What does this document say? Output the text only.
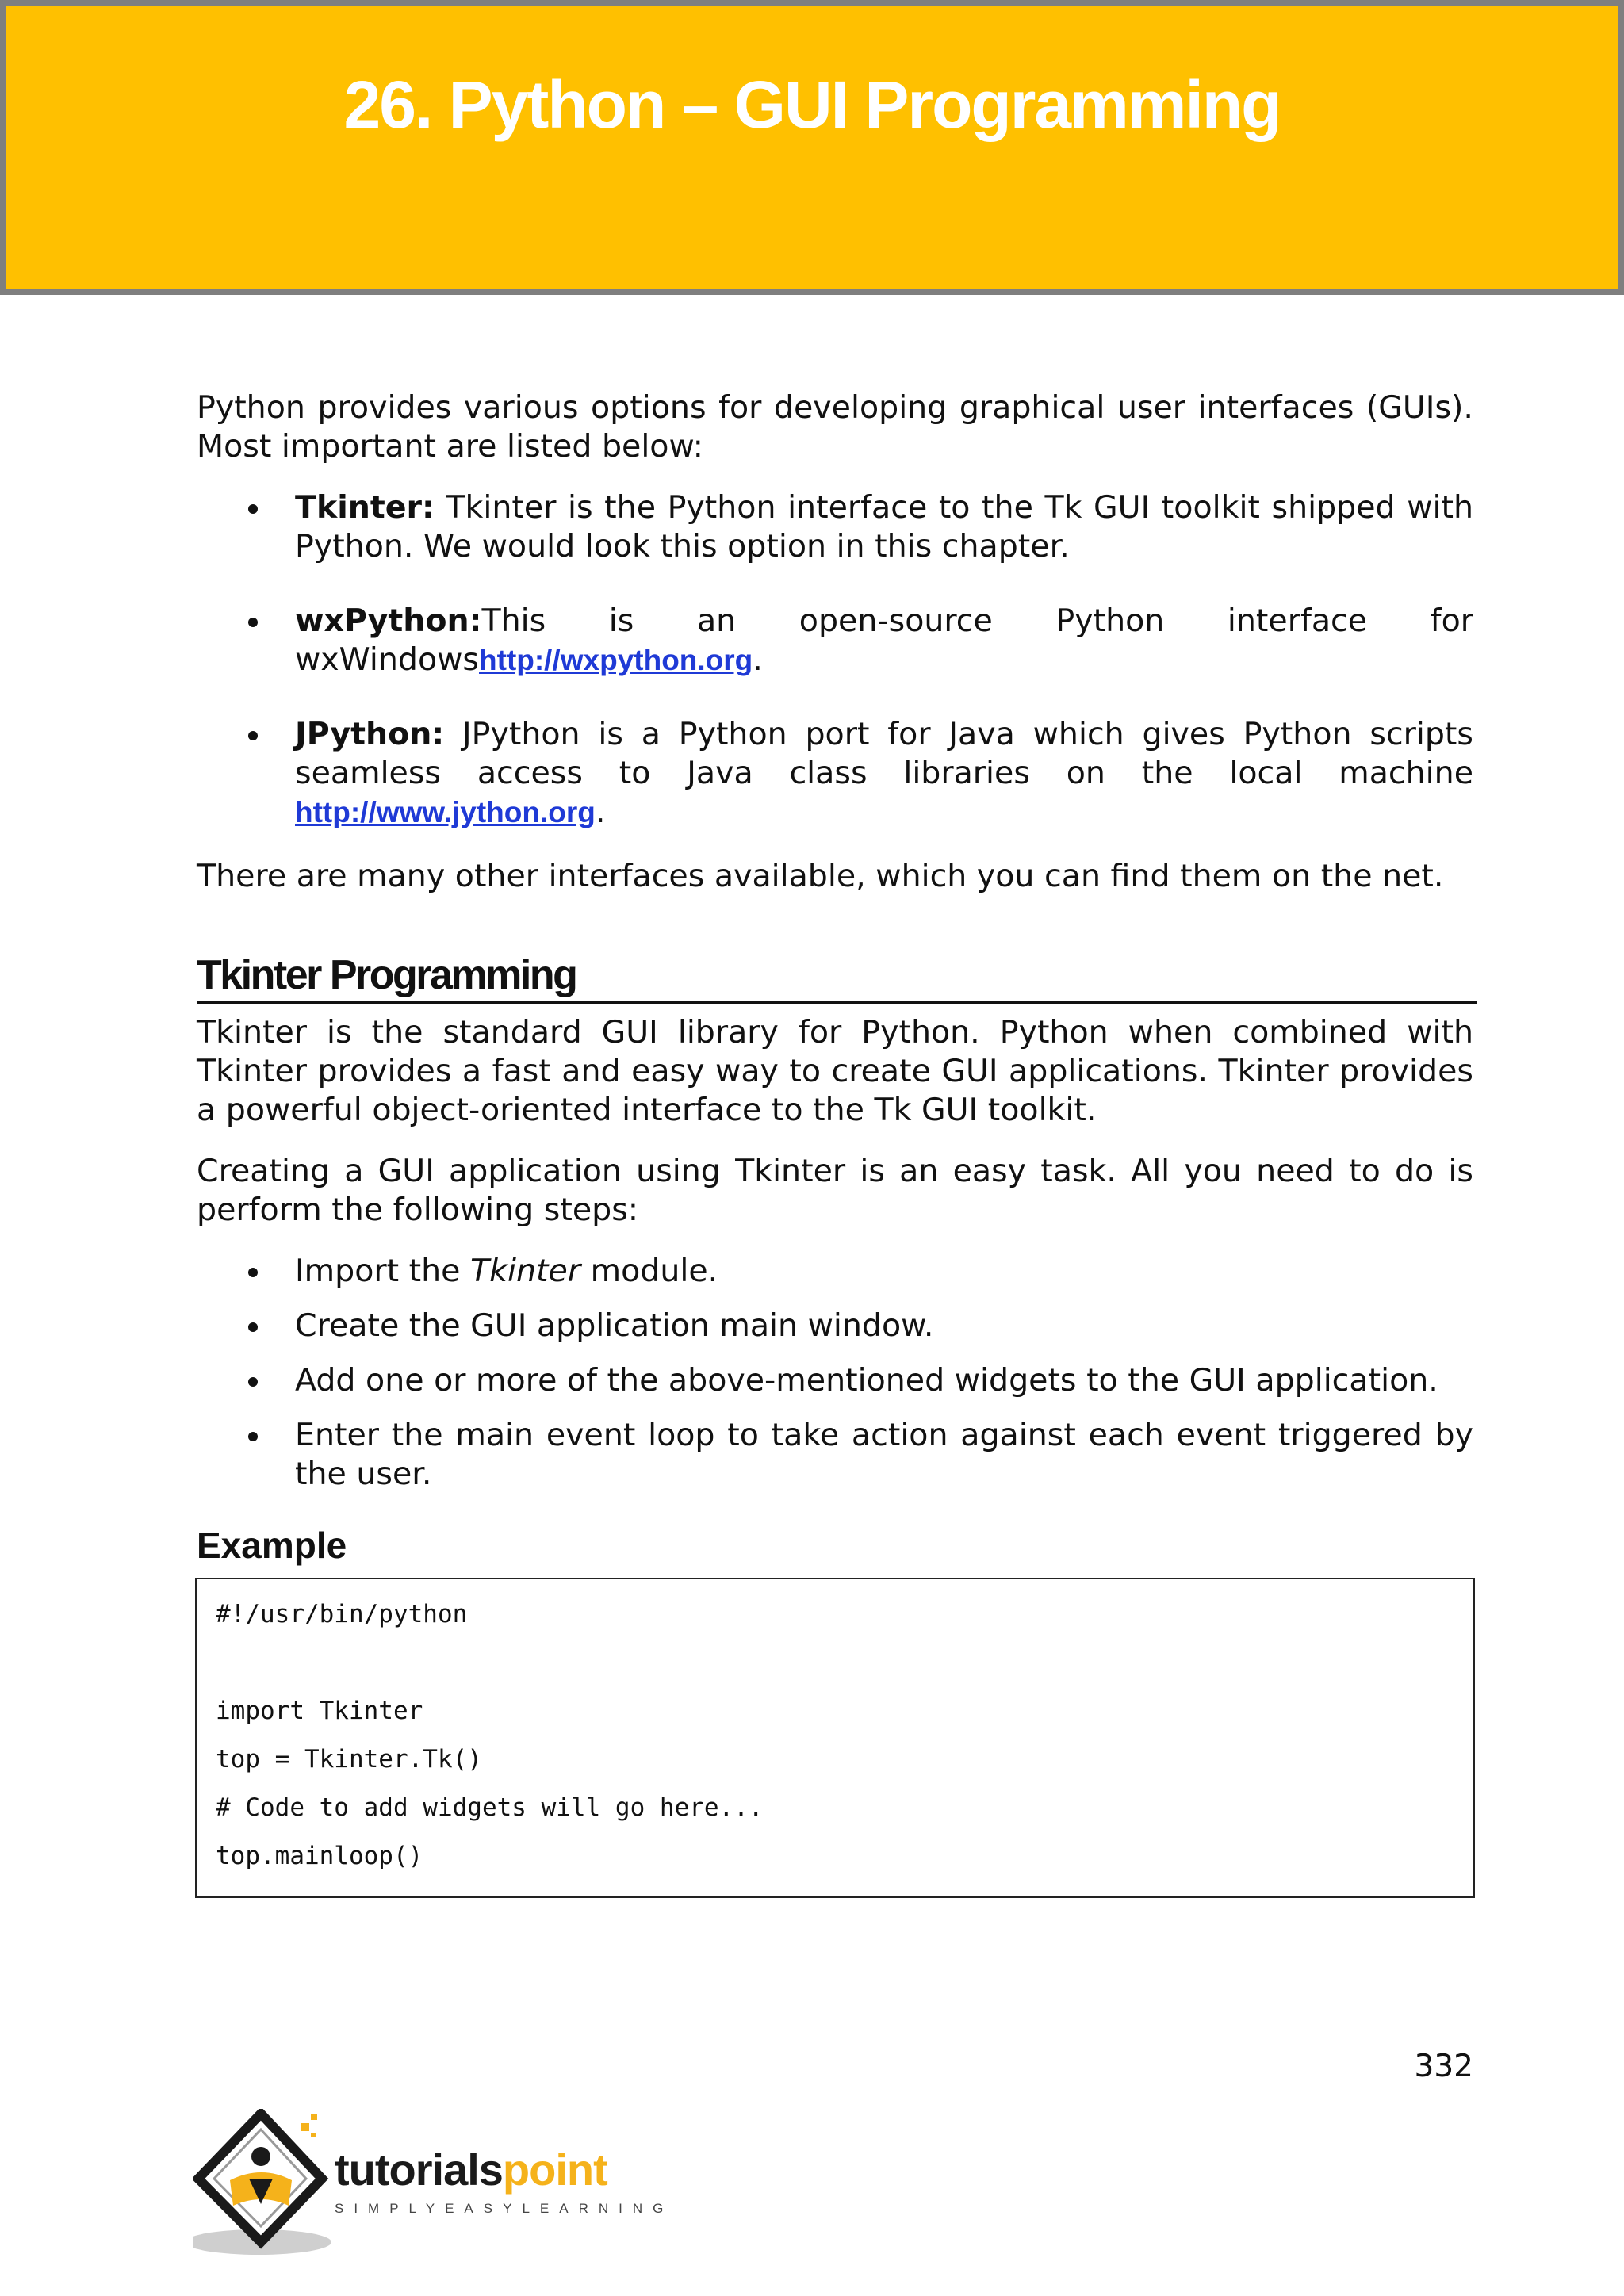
26. Python – GUI Programming

Python provides various options for developing graphical user interfaces (GUIs). Most important are listed below:

Tkinter: Tkinter is the Python interface to the Tk GUI toolkit shipped with Python. We would look this option in this chapter.
wxPython:This is an open-source Python interface for
wxWindowshttp://wxpython.org.
JPython: JPython is a Python port for Java which gives Python scripts seamless access to Java class libraries on the local machine http://www.jython.org.

There are many other interfaces available, which you can find them on the net.

Tkinter Programming

Tkinter is the standard GUI library for Python. Python when combined with Tkinter provides a fast and easy way to create GUI applications. Tkinter provides a powerful object-oriented interface to the Tk GUI toolkit.

Creating a GUI application using Tkinter is an easy task. All you need to do is perform the following steps:

Import the Tkinter module.
Create the GUI application main window.
Add one or more of the above-mentioned widgets to the GUI application.
Enter the main event loop to take action against each event triggered by the user.
Example
#!/usr/bin/python
import Tkinter
top = Tkinter.Tk()
# Code to add widgets will go here...
top.mainloop()
332
tutorialspoint
SIMPLYEASYLEARNING
